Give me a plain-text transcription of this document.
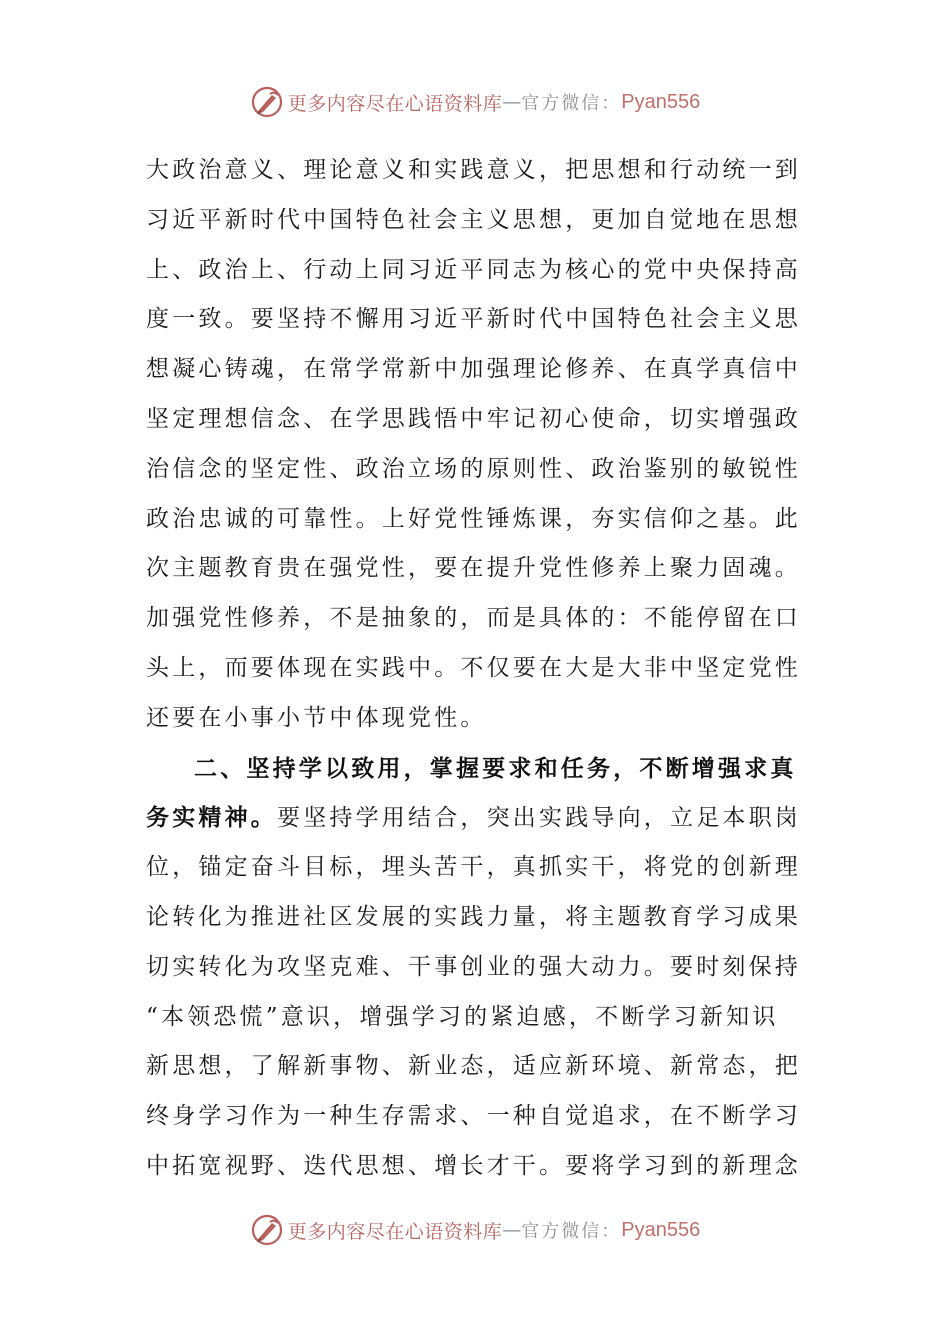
更多内容尽在心语资料库 — 官方微信： Pyan556
大政治意义、理论意义和实践意义，把思想和行动统一到
习近平新时代中国特色社会主义思想，更加自觉地在思想
上、政治上、行动上同习近平同志为核心的党中央保持高
度一致。要坚持不懈用习近平新时代中国特色社会主义思
想凝心铸魂，在常学常新中加强理论修养、在真学真信中
坚定理想信念、在学思践悟中牢记初心使命，切实增强政
治信念的坚定性、政治立场的原则性、政治鉴别的敏锐性
政治忠诚的可靠性。上好党性锤炼课，夯实信仰之基。此
次主题教育贵在强党性，要在提升党性修养上聚力固魂。
加强党性修养，不是抽象的，而是具体的：不能停留在口
头上，而要体现在实践中。不仅要在大是大非中坚定党性
还要在小事小节中体现党性。
二、坚持学以致用，掌握要求和任务，不断增强求真
务实精神。要坚持学用结合，突出实践导向，立足本职岗
位，锚定奋斗目标，埋头苦干，真抓实干，将党的创新理
论转化为推进社区发展的实践力量，将主题教育学习成果
切实转化为攻坚克难、干事创业的强大动力。要时刻保持
“本领恐慌”意识，增强学习的紧迫感，不断学习新知识
新思想，了解新事物、新业态，适应新环境、新常态，把
终身学习作为一种生存需求、一种自觉追求，在不断学习
中拓宽视野、迭代思想、增长才干。要将学习到的新理念
更多内容尽在心语资料库 — 官方微信： Pyan556
